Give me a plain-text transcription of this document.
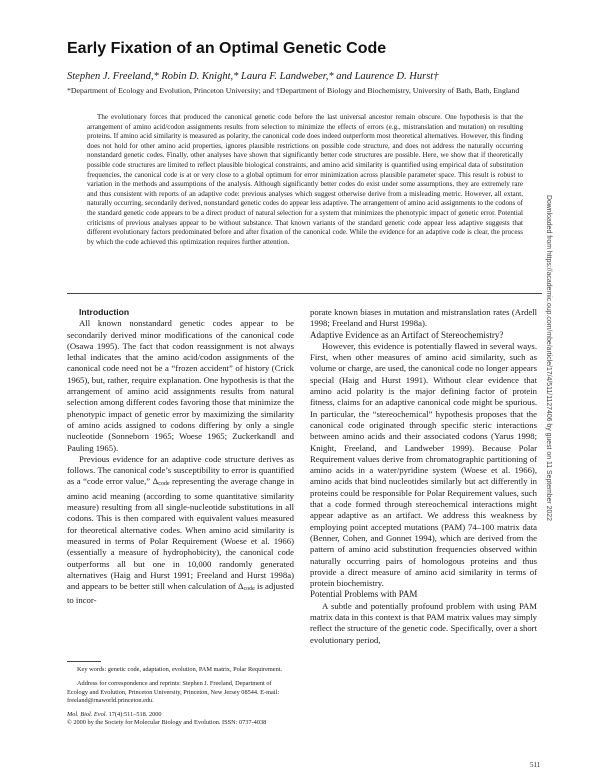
Early Fixation of an Optimal Genetic Code
Stephen J. Freeland,* Robin D. Knight,* Laura F. Landweber,* and Laurence D. Hurst†
*Department of Ecology and Evolution, Princeton University; and †Department of Biology and Biochemistry, University of Bath, Bath, England
The evolutionary forces that produced the canonical genetic code before the last universal ancestor remain obscure. One hypothesis is that the arrangement of amino acid/codon assignments results from selection to minimize the effects of errors (e.g., mistranslation and mutation) on resulting proteins. If amino acid similarity is measured as polarity, the canonical code does indeed outperform most theoretical alternatives. However, this finding does not hold for other amino acid properties, ignores plausible restrictions on possible code structure, and does not address the naturally occurring nonstandard genetic codes. Finally, other analyses have shown that significantly better code structures are possible. Here, we show that if theoretically possible code structures are limited to reflect plausible biological constraints, and amino acid similarity is quantified using empirical data of substitution frequencies, the canonical code is at or very close to a global optimum for error minimization across plausible parameter space. This result is robust to variation in the methods and assumptions of the analysis. Although significantly better codes do exist under some assumptions, they are extremely rare and thus consistent with reports of an adaptive code: previous analyses which suggest otherwise derive from a misleading metric. However, all extant, naturally occurring, secondarily derived, nonstandard genetic codes do appear less adaptive. The arrangement of amino acid assignments to the codons of the standard genetic code appears to be a direct product of natural selection for a system that minimizes the phenotypic impact of genetic error. Potential criticisms of previous analyses appear to be without substance. That known variants of the standard genetic code appear less adaptive suggests that different evolutionary factors predominated before and after fixation of the canonical code. While the evidence for an adaptive code is clear, the process by which the code achieved this optimization requires further attention.

Introduction

All known nonstandard genetic codes appear to be secondarily derived minor modifications of the canonical code (Osawa 1995). The fact that codon reassignment is not always lethal indicates that the amino acid/codon assignments of the canonical code need not be a “frozen accident” of history (Crick 1965), but, rather, require explanation. One hypothesis is that the arrangement of amino acid assignments results from natural selection among different codes favoring those that minimize the phenotypic impact of genetic error by maximizing the similarity of amino acids assigned to codons differing by only a single nucleotide (Sonneborn 1965; Woese 1965; Zuckerkandl and Pauling 1965).

Previous evidence for an adaptive code structure derives as follows. The canonical code’s susceptibility to error is quantified as a “code error value,” Δcode representing the average change in amino acid meaning (according to some quantitative similarity measure) resulting from all single-nucleotide substitutions in all codons. This is then compared with equivalent values measured for theoretical alternative codes. When amino acid similarity is measured in terms of Polar Requirement (Woese et al. 1966) (essentially a measure of hydrophobicity), the canonical code outperforms all but one in 10,000 randomly generated alternatives (Haig and Hurst 1991; Freeland and Hurst 1998a) and appears to be better still when calculation of Δcode is adjusted to incor-

porate known biases in mutation and mistranslation rates (Ardell 1998; Freeland and Hurst 1998a).

Adaptive Evidence as an Artifact of Stereochemistry?

However, this evidence is potentially flawed in several ways. First, when other measures of amino acid similarity, such as volume or charge, are used, the canonical code no longer appears special (Haig and Hurst 1991). Without clear evidence that amino acid polarity is the major defining factor of protein fitness, claims for an adaptive canonical code might be spurious. In particular, the “stereochemical” hypothesis proposes that the canonical code originated through specific steric interactions between amino acids and their associated codons (Yarus 1998; Knight, Freeland, and Landweber 1999). Because Polar Requirement values derive from chromatographic partitioning of amino acids in a water/pyridine system (Woese et al. 1966), amino acids that bind nucleotides similarly but act differently in proteins could be responsible for Polar Requirement values, such that a code formed through stereochemical interactions might appear adaptive as an artifact. We address this weakness by employing point accepted mutations (PAM) 74–100 matrix data (Benner, Cohen, and Gonnet 1994), which are derived from the pattern of amino acid substitution frequencies observed within naturally occurring pairs of homologous proteins and thus provide a direct measure of amino acid similarity in terms of protein biochemistry.

Potential Problems with PAM

A subtle and potentially profound problem with using PAM matrix data in this context is that PAM matrix values may simply reflect the structure of the genetic code. Specifically, over a short evolutionary period,

Key words: genetic code, adaptation, evolution, PAM matrix, Polar Requirement.

Address for correspondence and reprints: Stephen J. Freeland, Department of Ecology and Evolution, Princeton University, Princeton, New Jersey 08544. E-mail: freeland@rnaworld.princeton.edu.

Mol. Biol. Evol. 17(4):511–518. 2000

© 2000 by the Society for Molecular Biology and Evolution. ISSN: 0737-4038

511
Downloaded from https://academic.oup.com/mbe/article/17/4/511/1127406 by guest on 11 September 2022
